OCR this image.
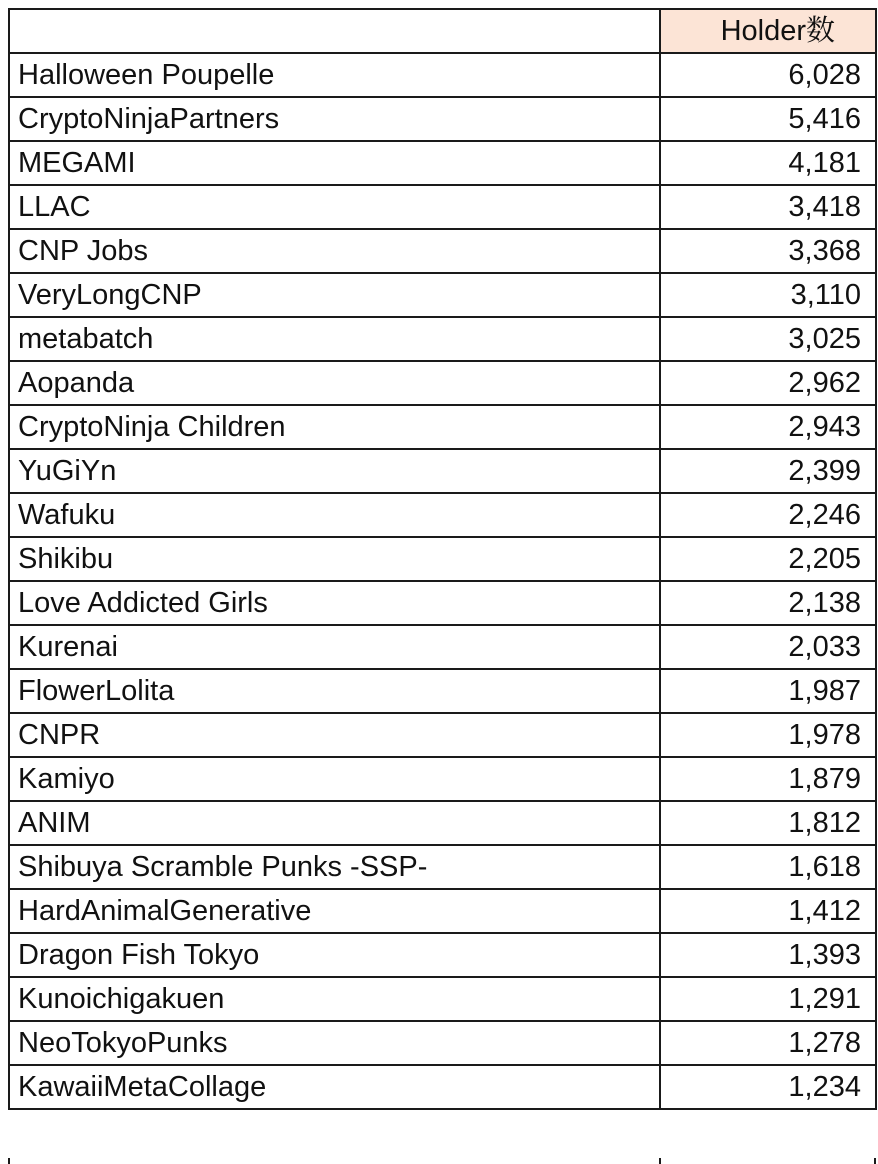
	Holder数
Halloween Poupelle	6,028
CryptoNinjaPartners	5,416
MEGAMI	4,181
LLAC	3,418
CNP Jobs	3,368
VeryLongCNP	3,110
metabatch	3,025
Aopanda	2,962
CryptoNinja Children	2,943
YuGiYn	2,399
Wafuku	2,246
Shikibu	2,205
Love Addicted Girls	2,138
Kurenai	2,033
FlowerLolita	1,987
CNPR	1,978
Kamiyo	1,879
ANIM	1,812
Shibuya Scramble Punks -SSP-	1,618
HardAnimalGenerative	1,412
Dragon Fish Tokyo	1,393
Kunoichigakuen	1,291
NeoTokyoPunks	1,278
KawaiiMetaCollage	1,234
